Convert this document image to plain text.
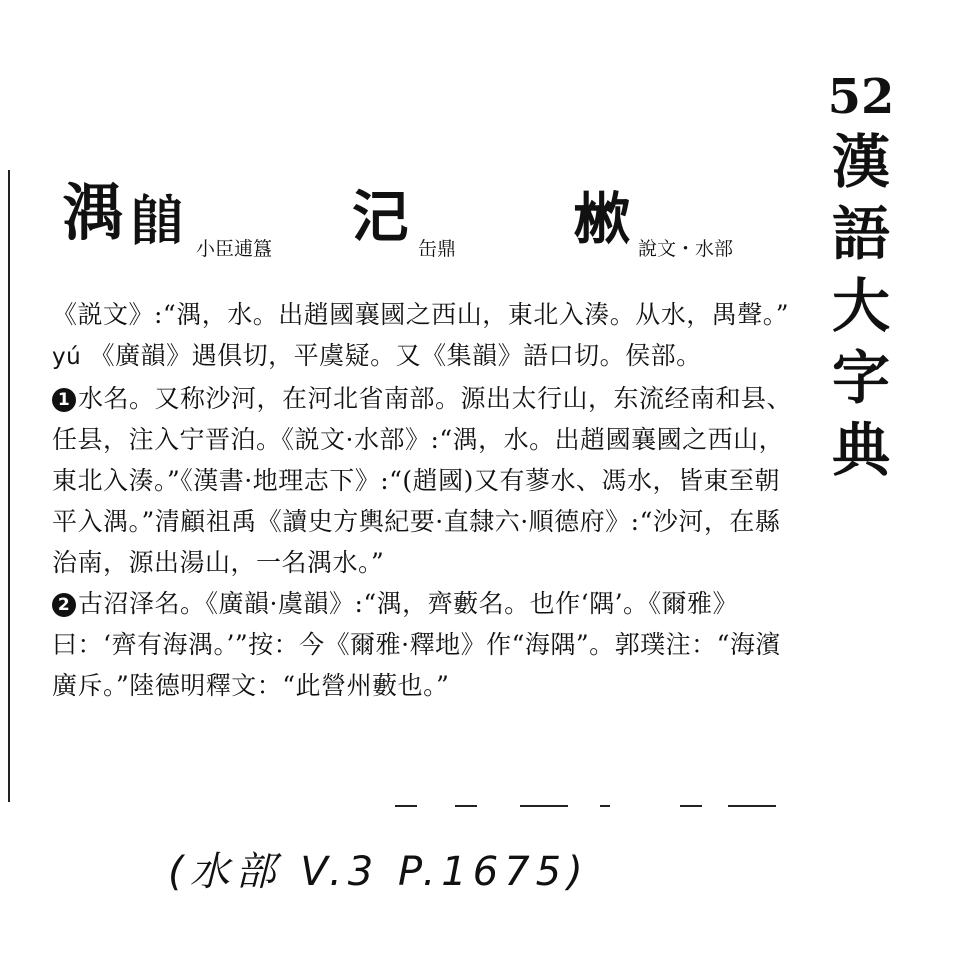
52
漢
語
大
字
典
湡 𨺅 小臣逋簋 𣲆 缶鼎 𣶙 說文・水部

《説文》:“湡，水。出趙國襄國之西山，東北入湊。从水，禺聲。”

yú 《廣韻》遇俱切，平虞疑。又《集韻》語口切。侯部。

1 水名。又称沙河，在河北省南部。源出太行山，东流经南和县、任县，注入宁晋泊。《説文·水部》:“湡，水。出趙國襄國之西山，東北入湊。”《漢書·地理志下》:“(趙國)又有蓼水、馮水，皆東至朝平入湡。”清顧祖禹《讀史方輿紀要·直隸六·順德府》:“沙河，在縣治南，源出湯山，一名湡水。”

2 古沼泽名。《廣韻·虞韻》:“湡，齊藪名。也作‘隅’。《爾雅》曰：‘齊有海湡。’”按：今《爾雅·釋地》作“海隅”。郭璞注：“海濱廣斥。”陸德明釋文：“此營州藪也。”

(水部 V.3 P.1675)
